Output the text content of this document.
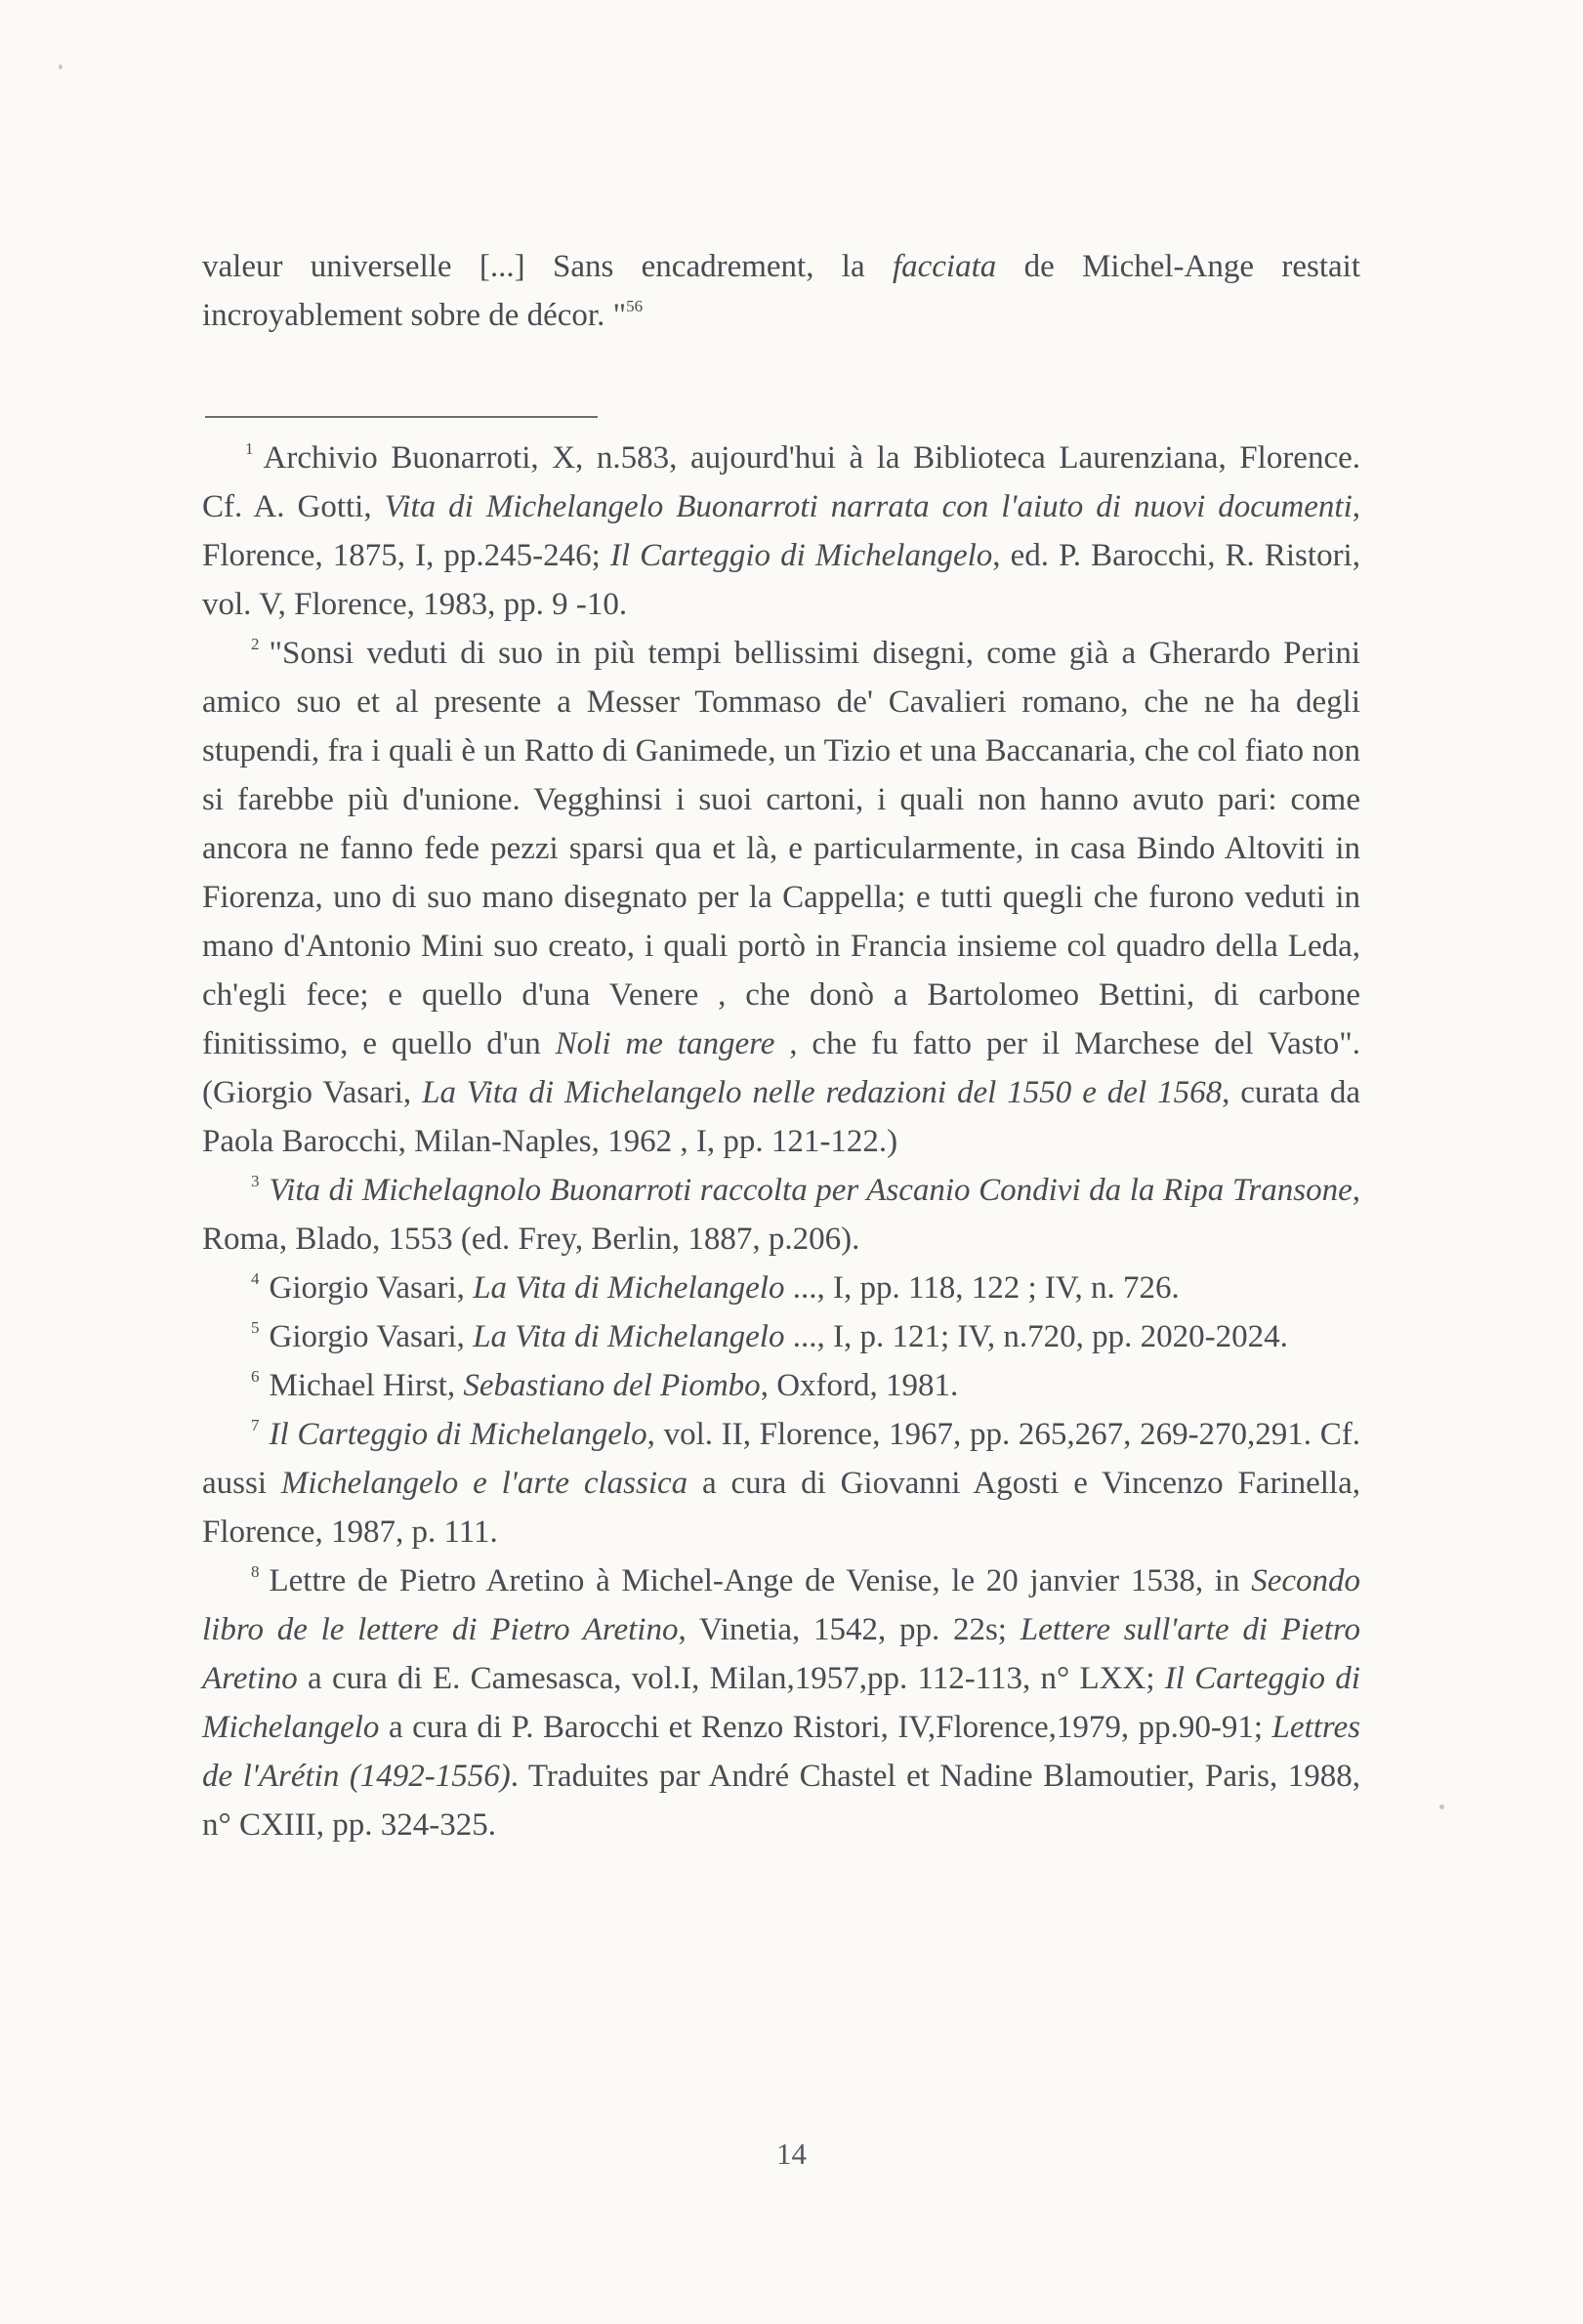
valeur universelle [...] Sans encadrement, la facciata de Michel-Ange restait incroyablement sobre de décor. "$^{56}$

$^1$ Archivio Buonarroti, X, n.583, aujourd'hui à la Biblioteca Laurenziana, Florence. Cf. A. Gotti, Vita di Michelangelo Buonarroti narrata con l'aiuto di nuovi documenti, Florence, 1875, I, pp.245-246; Il Carteggio di Michelangelo, ed. P. Barocchi, R. Ristori, vol. V, Florence, 1983, pp. 9 -10.

$^2$ "Sonsi veduti di suo in più tempi bellissimi disegni, come già a Gherardo Perini amico suo et al presente a Messer Tommaso de' Cavalieri romano, che ne ha degli stupendi, fra i quali è un Ratto di Ganimede, un Tizio et una Baccanaria, che col fiato non si farebbe più d'unione. Vegghinsi i suoi cartoni, i quali non hanno avuto pari: come ancora ne fanno fede pezzi sparsi qua et là, e particularmente, in casa Bindo Altoviti in Fiorenza, uno di suo mano disegnato per la Cappella; e tutti quegli che furono veduti in mano d'Antonio Mini suo creato, i quali portò in Francia insieme col quadro della Leda, ch'egli fece; e quello d'una Venere , che donò a Bartolomeo Bettini, di carbone finitissimo, e quello d'un Noli me tangere , che fu fatto per il Marchese del Vasto". (Giorgio Vasari, La Vita di Michelangelo nelle redazioni del 1550 e del 1568, curata da Paola Barocchi, Milan-Naples, 1962 , I, pp. 121-122.)

$^3$ Vita di Michelagnolo Buonarroti raccolta per Ascanio Condivi da la Ripa Transone, Roma, Blado, 1553 (ed. Frey, Berlin, 1887, p.206).

$^4$ Giorgio Vasari, La Vita di Michelangelo ..., I, pp. 118, 122 ; IV, n. 726.

$^5$ Giorgio Vasari, La Vita di Michelangelo ..., I, p. 121; IV, n.720, pp. 2020-2024.

$^6$ Michael Hirst, Sebastiano del Piombo, Oxford, 1981.

$^7$ Il Carteggio di Michelangelo, vol. II, Florence, 1967, pp. 265,267, 269-270,291. Cf. aussi Michelangelo e l'arte classica a cura di Giovanni Agosti e Vincenzo Farinella, Florence, 1987, p. 111.

$^8$ Lettre de Pietro Aretino à Michel-Ange de Venise, le 20 janvier 1538, in Secondo libro de le lettere di Pietro Aretino, Vinetia, 1542, pp. 22s; Lettere sull'arte di Pietro Aretino a cura di E. Camesasca, vol.I, Milan,1957,pp. 112-113, n° LXX; Il Carteggio di Michelangelo a cura di P. Barocchi et Renzo Ristori, IV,Florence,1979, pp.90-91; Lettres de l'Arétin (1492-1556). Traduites par André Chastel et Nadine Blamoutier, Paris, 1988, n° CXIII, pp. 324-325.

14
